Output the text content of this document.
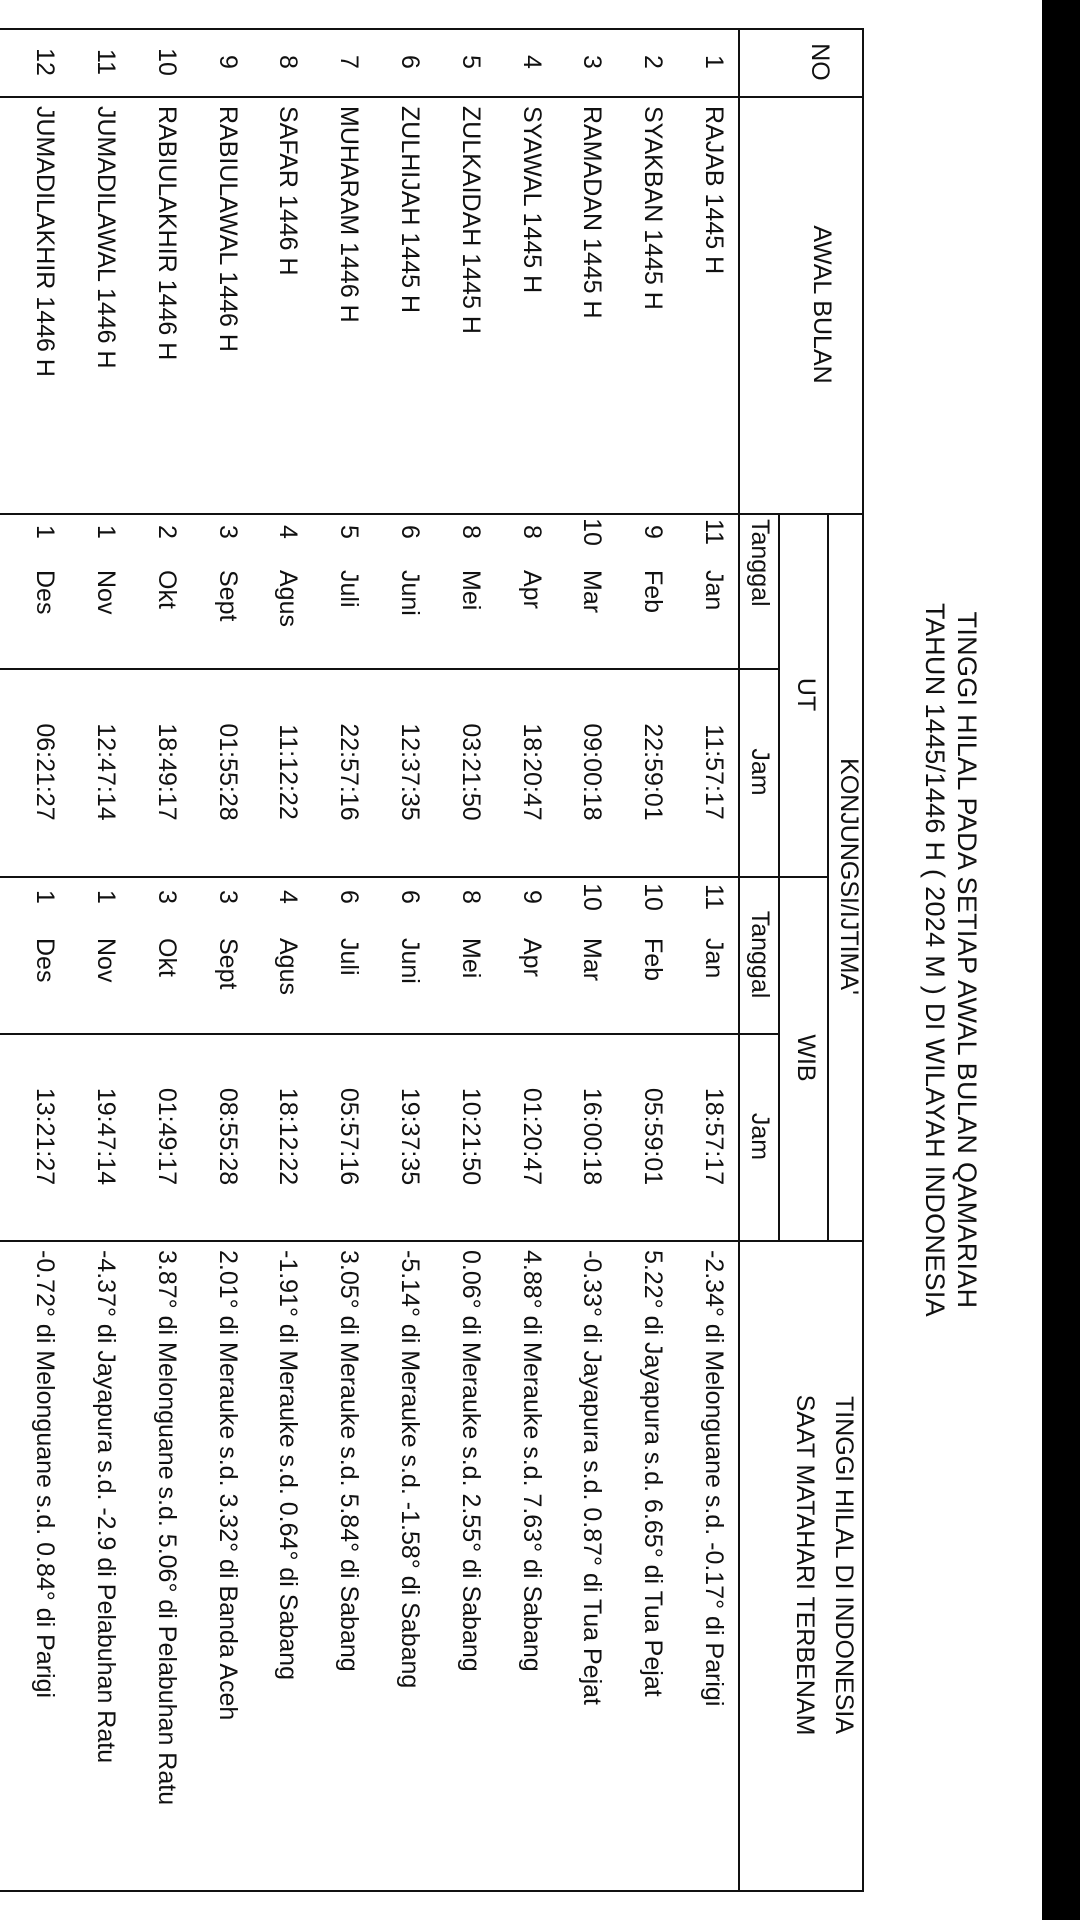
TINGGI HILAL PADA SETIAP AWAL BULAN QAMARIAH
TAHUN 1445/1446 H ( 2024 M ) DI WILAYAH INDONESIA
NO
AWAL BULAN
KONJUNGSI/IJTIMA'
UT
WIB
Tanggal
Jam
Tanggal
Jam
TINGGI HILAL DI INDONESIA
SAAT MATAHARI TERBENAM
1
RAJAB 1445 H
11
Jan
11:57:17
11
Jan
18:57:17
-2.34° di Melonguane s.d. -0.17° di Parigi
2
SYAKBAN 1445 H
9
Feb
22:59:01
10
Feb
05:59:01
5.22° di Jayapura s.d. 6.65° di Tua Pejat
3
RAMADAN 1445 H
10
Mar
09:00:18
10
Mar
16:00:18
-0.33° di Jayapura s.d. 0.87° di Tua Pejat
4
SYAWAL 1445 H
8
Apr
18:20:47
9
Apr
01:20:47
4.88° di Merauke s.d. 7.63° di Sabang
5
ZULKAIDAH 1445 H
8
Mei
03:21:50
8
Mei
10:21:50
0.06° di Merauke s.d. 2.55° di Sabang
6
ZULHIJAH 1445 H
6
Juni
12:37:35
6
Juni
19:37:35
-5.14° di Merauke s.d. -1.58° di Sabang
7
MUHARAM 1446 H
5
Juli
22:57:16
6
Juli
05:57:16
3.05° di Merauke s.d. 5.84° di Sabang
8
SAFAR 1446 H
4
Agus
11:12:22
4
Agus
18:12:22
-1.91° di Merauke s.d. 0.64° di Sabang
9
RABIULAWAL 1446 H
3
Sept
01:55:28
3
Sept
08:55:28
2.01° di Merauke s.d. 3.32° di Banda Aceh
10
RABIULAKHIR 1446 H
2
Okt
18:49:17
3
Okt
01:49:17
3.87° di Melonguane s.d. 5.06° di Pelabuhan Ratu
11
JUMADILAWAL 1446 H
1
Nov
12:47:14
1
Nov
19:47:14
-4.37° di Jayapura s.d. -2.9 di Pelabuhan Ratu
12
JUMADILAKHIR 1446 H
1
Des
06:21:27
1
Des
13:21:27
-0.72° di Melonguane s.d. 0.84° di Parigi
